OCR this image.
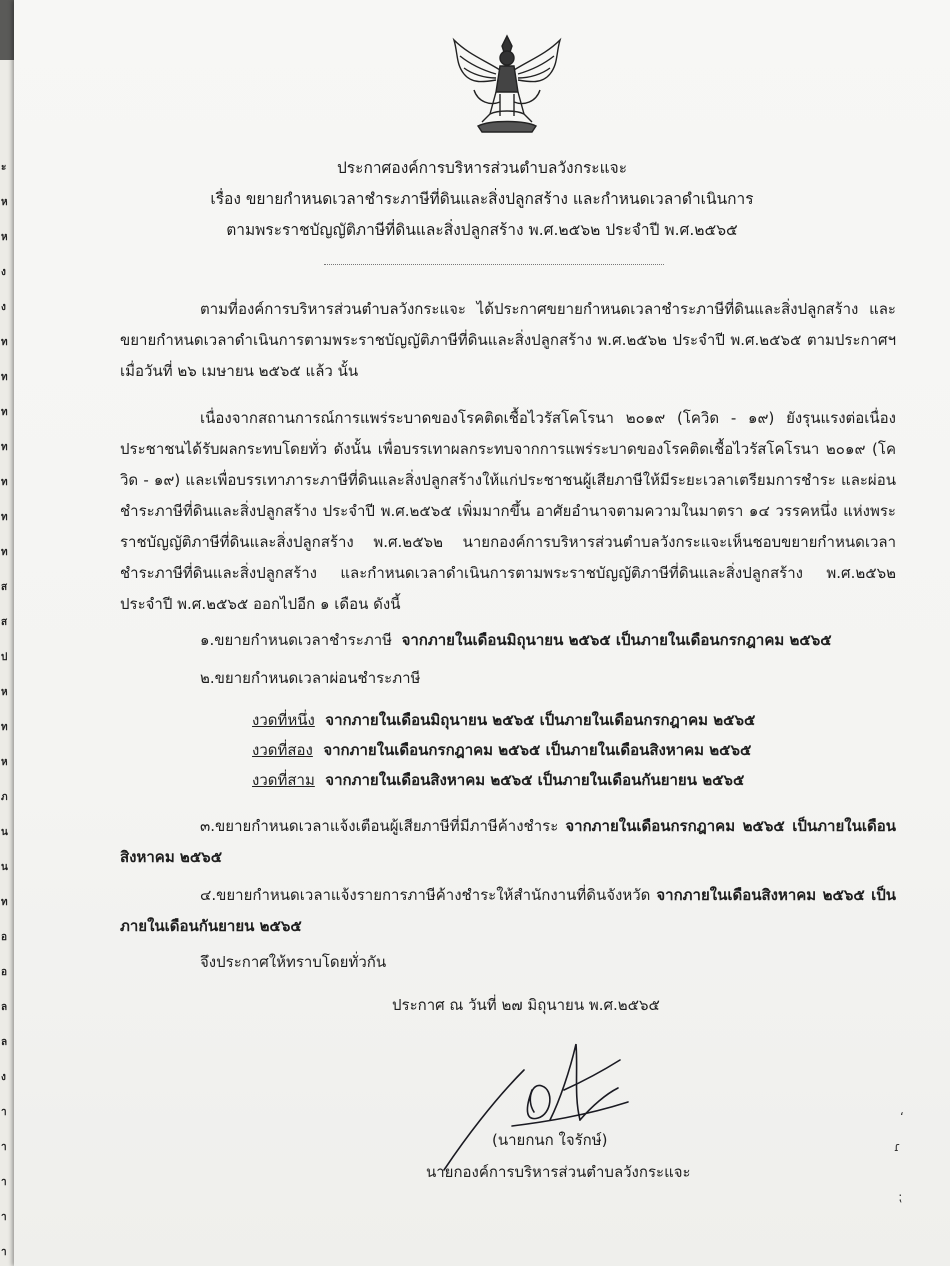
ะ
ห
ห
ง
ง
ท
ท
ท
ท
ท
ท
ท
ส
ส
ป
ห
ท
ห
ภ
น
น
ท
อ
อ
ล
ล
ง
า
า
า
า
า
ประกาศองค์การบริหารส่วนตำบลวังกระแจะ
เรื่อง ขยายกำหนดเวลาชำระภาษีที่ดินและสิ่งปลูกสร้าง และกำหนดเวลาดำเนินการ
ตามพระราชบัญญัติภาษีที่ดินและสิ่งปลูกสร้าง พ.ศ.๒๕๖๒ ประจำปี พ.ศ.๒๕๖๕

ตามที่องค์การบริหารส่วนตำบลวังกระแจะ ได้ประกาศขยายกำหนดเวลาชำระภาษีที่ดินและสิ่งปลูกสร้าง และขยายกำหนดเวลาดำเนินการตามพระราชบัญญัติภาษีที่ดินและสิ่งปลูกสร้าง พ.ศ.๒๕๖๒ ประจำปี พ.ศ.๒๕๖๕ ตามประกาศฯ เมื่อวันที่ ๒๖ เมษายน ๒๕๖๕ แล้ว นั้น

เนื่องจากสถานการณ์การแพร่ระบาดของโรคติดเชื้อไวรัสโคโรนา ๒๐๑๙ (โควิด - ๑๙) ยังรุนแรงต่อเนื่อง ประชาชนได้รับผลกระทบโดยทั่ว ดังนั้น เพื่อบรรเทาผลกระทบจากการแพร่ระบาดของโรคติดเชื้อไวรัสโคโรนา ๒๐๑๙ (โควิด - ๑๙) และเพื่อบรรเทาภาระภาษีที่ดินและสิ่งปลูกสร้างให้แก่ประชาชนผู้เสียภาษีให้มีระยะเวลาเตรียมการชำระ และผ่อนชำระภาษีที่ดินและสิ่งปลูกสร้าง ประจำปี พ.ศ.๒๕๖๕ เพิ่มมากขึ้น อาศัยอำนาจตามความในมาตรา ๑๔ วรรคหนึ่ง แห่งพระราชบัญญัติภาษีที่ดินและสิ่งปลูกสร้าง พ.ศ.๒๕๖๒ นายกองค์การบริหารส่วนตำบลวังกระแจะเห็นชอบขยายกำหนดเวลาชำระภาษีที่ดินและสิ่งปลูกสร้าง และกำหนดเวลาดำเนินการตามพระราชบัญญัติภาษีที่ดินและสิ่งปลูกสร้าง พ.ศ.๒๕๖๒ ประจำปี พ.ศ.๒๕๖๕ ออกไปอีก ๑ เดือน ดังนี้

๑.ขยายกำหนดเวลาชำระภาษี จากภายในเดือนมิถุนายน ๒๕๖๕ เป็นภายในเดือนกรกฎาคม ๒๕๖๕
๒.ขยายกำหนดเวลาผ่อนชำระภาษี
งวดที่หนึ่ง จากภายในเดือนมิถุนายน ๒๕๖๕ เป็นภายในเดือนกรกฎาคม ๒๕๖๕
งวดที่สอง จากภายในเดือนกรกฎาคม ๒๕๖๕ เป็นภายในเดือนสิงหาคม ๒๕๖๕
งวดที่สาม จากภายในเดือนสิงหาคม ๒๕๖๕ เป็นภายในเดือนกันยายน ๒๕๖๕

๓.ขยายกำหนดเวลาแจ้งเตือนผู้เสียภาษีที่มีภาษีค้างชำระ จากภายในเดือนกรกฎาคม ๒๕๖๕ เป็นภายในเดือนสิงหาคม ๒๕๖๕

๔.ขยายกำหนดเวลาแจ้งรายการภาษีค้างชำระให้สำนักงานที่ดินจังหวัด จากภายในเดือนสิงหาคม ๒๕๖๕ เป็นภายในเดือนกันยายน ๒๕๖๕

จึงประกาศให้ทราบโดยทั่วกัน
ประกาศ ณ วันที่ ๒๗ มิถุนายน พ.ศ.๒๕๖๕
(นายกนก ใจรักษ์)
นายกองค์การบริหารส่วนตำบลวังกระแจะ
ʻ
ɾ
⁏
